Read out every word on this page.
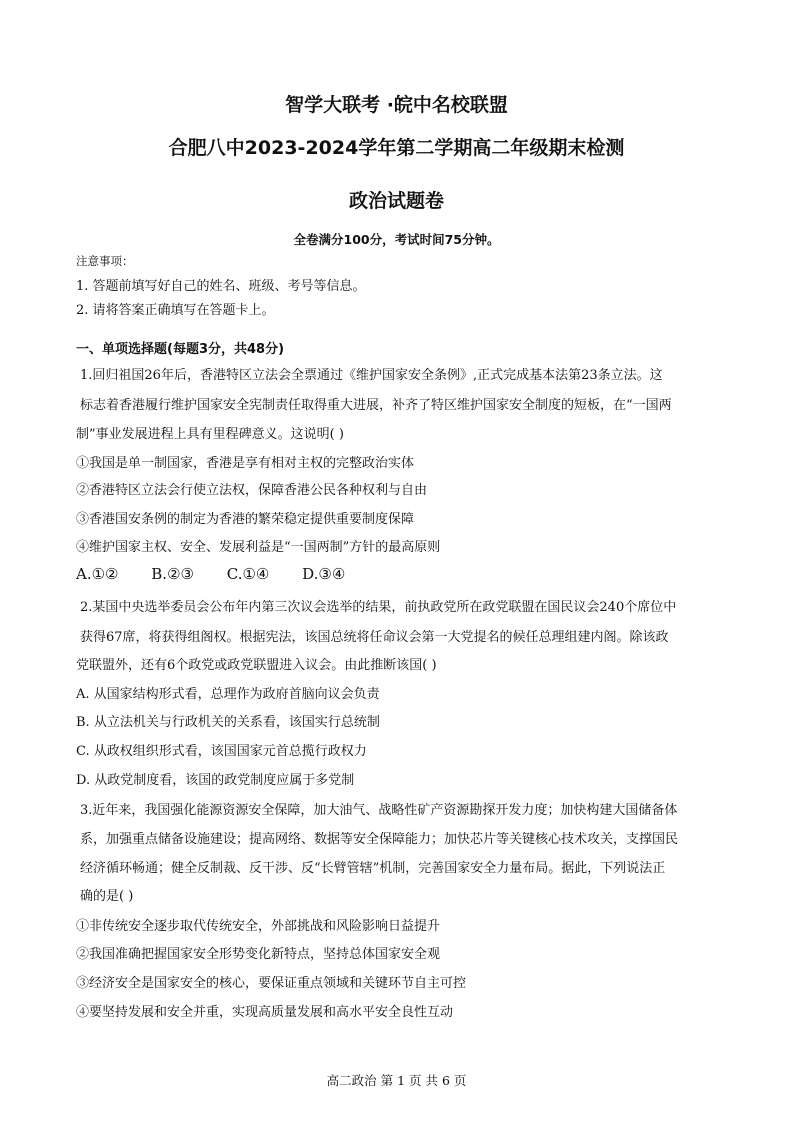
智学大联考 ·皖中名校联盟
合肥八中2023-2024学年第二学期高二年级期末检测
政治试题卷
全卷满分100分，考试时间75分钟。
注意事项：
1. 答题前填写好自己的姓名、班级、考号等信息。
2. 请将答案正确填写在答题卡上。
一、单项选择题(每题3分，共48分)
1.回归祖国26年后，香港特区立法会全票通过《维护国家安全条例》,正式完成基本法第23条立法。这
标志着香港履行维护国家安全宪制责任取得重大进展，补齐了特区维护国家安全制度的短板，在“一国两
制”事业发展进程上具有里程碑意义。这说明( )
①我国是单一制国家，香港是享有相对主权的完整政治实体
②香港特区立法会行使立法权，保障香港公民各种权利与自由
③香港国安条例的制定为香港的繁荣稳定提供重要制度保障
④维护国家主权、安全、发展利益是“一国两制”方针的最高原则
A.①② B.②③ C.①④ D.③④
2.某国中央选举委员会公布年内第三次议会选举的结果，前执政党所在政党联盟在国民议会240个席位中
获得67席，将获得组阁权。根据宪法，该国总统将任命议会第一大党提名的候任总理组建内阁。除该政
党联盟外，还有6个政党或政党联盟进入议会。由此推断该国( )
A. 从国家结构形式看，总理作为政府首脑向议会负责
B. 从立法机关与行政机关的关系看，该国实行总统制
C. 从政权组织形式看，该国国家元首总揽行政权力
D. 从政党制度看，该国的政党制度应属于多党制
3.近年来，我国强化能源资源安全保障，加大油气、战略性矿产资源勘探开发力度；加快构建大国储备体
系，加强重点储备设施建设；提高网络、数据等安全保障能力；加快芯片等关键核心技术攻关，支撑国民
经济循环畅通；健全反制裁、反干涉、反“长臂管辖”机制，完善国家安全力量布局。据此，下列说法正
确的是( )
①非传统安全逐步取代传统安全，外部挑战和风险影响日益提升
②我国准确把握国家安全形势变化新特点，坚持总体国家安全观
③经济安全是国家安全的核心，要保证重点领域和关键环节自主可控
④要坚持发展和安全并重，实现高质量发展和高水平安全良性互动
高二政治 第 1 页 共 6 页
